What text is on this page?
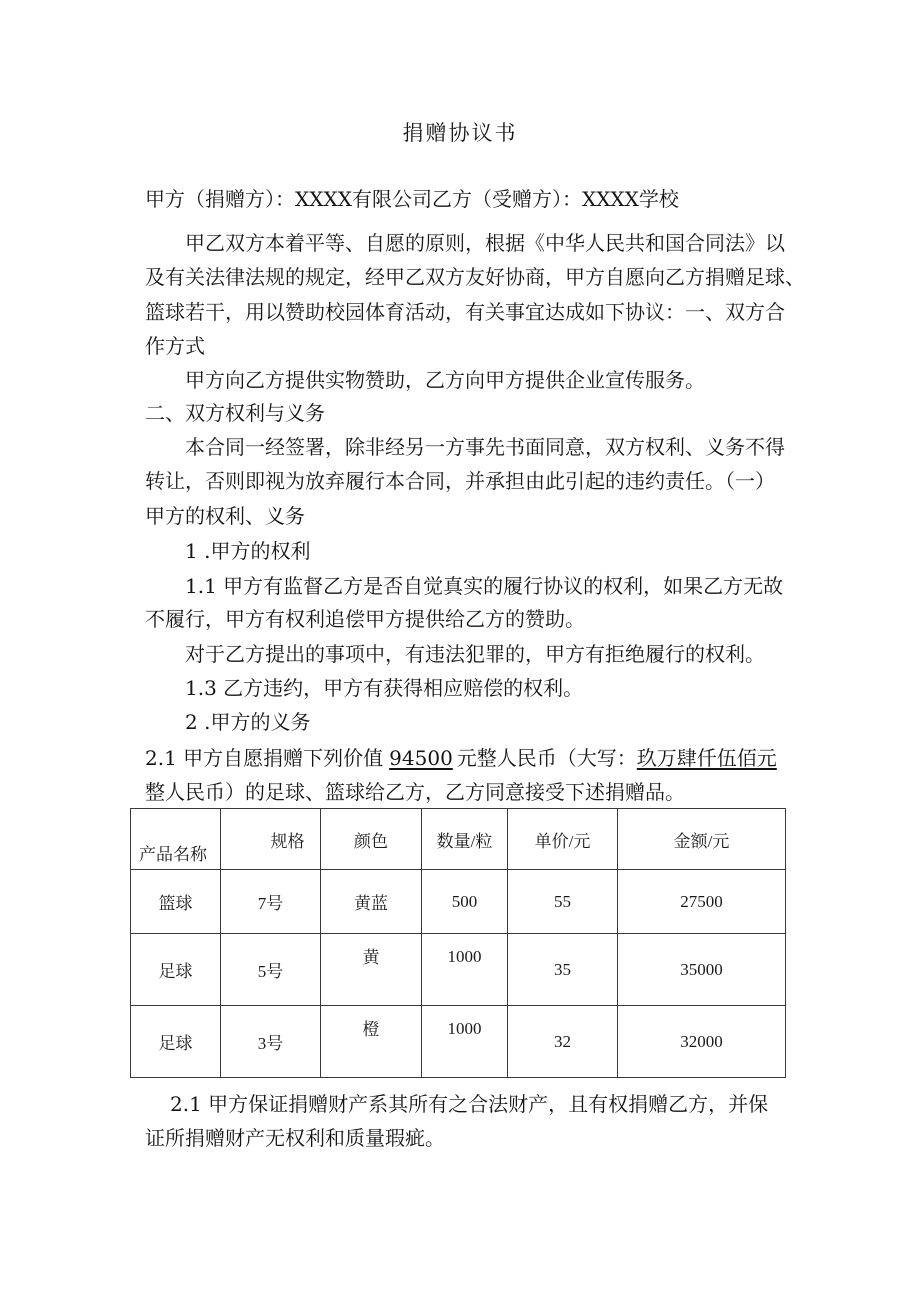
捐赠协议书
甲方（捐赠方）：XXXX有限公司乙方（受赠方）：XXXX学校
甲乙双方本着平等、自愿的原则，根据《中华人民共和国合同法》以
及有关法律法规的规定，经甲乙双方友好协商，甲方自愿向乙方捐赠足球、
篮球若干，用以赞助校园体育活动，有关事宜达成如下协议：一、双方合
作方式
甲方向乙方提供实物赞助，乙方向甲方提供企业宣传服务。
二、双方权利与义务
本合同一经签署，除非经另一方事先书面同意，双方权利、义务不得
转让，否则即视为放弃履行本合同，并承担由此引起的违约责任。（一）
甲方的权利、义务
1 .甲方的权利
1.1 甲方有监督乙方是否自觉真实的履行协议的权利，如果乙方无故
不履行，甲方有权利追偿甲方提供给乙方的赞助。
对于乙方提出的事项中，有违法犯罪的，甲方有拒绝履行的权利。
1.3 乙方违约，甲方有获得相应赔偿的权利。
2 .甲方的义务
2.1 甲方自愿捐赠下列价值 94500 元整人民币（大写：玖万肆仟伍佰元
整人民币）的足球、篮球给乙方，乙方同意接受下述捐赠品。
产品名称	规格	颜色	数量/粒	单价/元	金额/元
篮球	7号	黄蓝	500	55	27500
足球	5号	黄	1000	35	35000
足球	3号	橙	1000	32	32000
2.1 甲方保证捐赠财产系其所有之合法财产，且有权捐赠乙方，并保
证所捐赠财产无权利和质量瑕疵。
